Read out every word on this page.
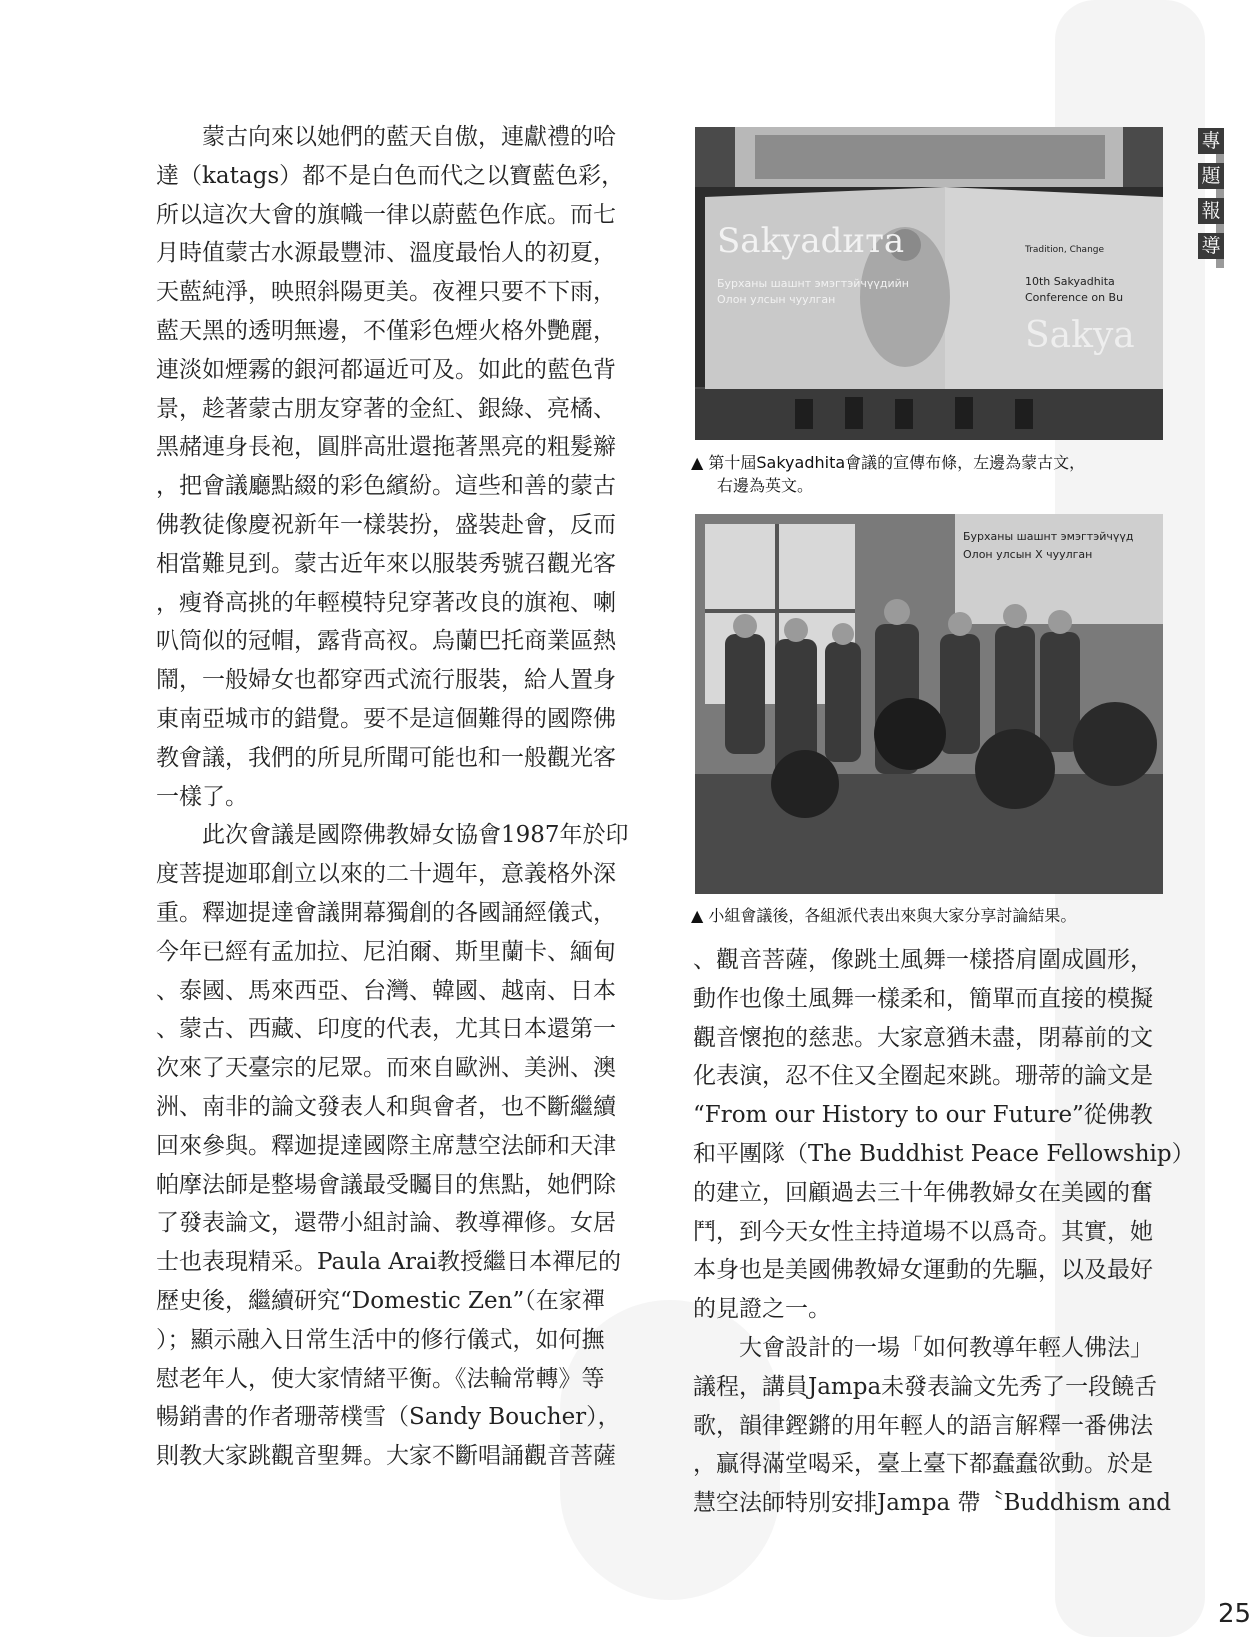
　　蒙古向來以她們的藍天自傲，連獻禮的哈

達（katags）都不是白色而代之以寶藍色彩，

所以這次大會的旗幟一律以蔚藍色作底。而七

月時值蒙古水源最豐沛、溫度最怡人的初夏，

天藍純淨，映照斜陽更美。夜裡只要不下雨，

藍天黑的透明無邊，不僅彩色煙火格外艷麗，

連淡如煙霧的銀河都逼近可及。如此的藍色背

景，趁著蒙古朋友穿著的金紅、銀綠、亮橘、

黑赭連身長袍，圓胖高壯還拖著黑亮的粗髮辮

，把會議廳點綴的彩色繽紛。這些和善的蒙古

佛教徒像慶祝新年一樣裝扮，盛裝赴會，反而

相當難見到。蒙古近年來以服裝秀號召觀光客

，瘦脊高挑的年輕模特兒穿著改良的旗袍、喇

叭筒似的冠帽，露背高衩。烏蘭巴托商業區熱

鬧，一般婦女也都穿西式流行服裝，給人置身

東南亞城市的錯覺。要不是這個難得的國際佛

教會議，我們的所見所聞可能也和一般觀光客

一樣了。

　　此次會議是國際佛教婦女協會1987年於印

度菩提迦耶創立以來的二十週年，意義格外深

重。釋迦提達會議開幕獨創的各國誦經儀式，

今年已經有孟加拉、尼泊爾、斯里蘭卡、緬甸

、泰國、馬來西亞、台灣、韓國、越南、日本

、蒙古、西藏、印度的代表，尤其日本還第一

次來了天臺宗的尼眾。而來自歐洲、美洲、澳

洲、南非的論文發表人和與會者，也不斷繼續

回來參與。釋迦提達國際主席慧空法師和天津

帕摩法師是整場會議最受矚目的焦點，她們除

了發表論文，還帶小組討論、教導禪修。女居

士也表現精采。Paula Arai教授繼日本禪尼的

歷史後，繼續研究“Domestic Zen”（在家禪

）；顯示融入日常生活中的修行儀式，如何撫

慰老年人，使大家情緒平衡。《法輪常轉》等

暢銷書的作者珊蒂樸雪（Sandy Boucher），

則教大家跳觀音聖舞。大家不斷唱誦觀音菩薩

Sakyadита
Бурханы шашнт эмэгтэйчүүдийн
Олон улсын чуулган
Tradition, Change
10th Sakyadhita
Conference on Bu
Sakya
▲ 第十屆Sakyadhita會議的宣傳布條，左邊為蒙古文，
右邊為英文。
Бурханы шашнт эмэгтэйчүүд
Олон улсын Х чуулган
▲ 小組會議後，各組派代表出來與大家分享討論結果。

、觀音菩薩，像跳土風舞一樣搭肩圍成圓形，

動作也像土風舞一樣柔和，簡單而直接的模擬

觀音懷抱的慈悲。大家意猶未盡，閉幕前的文

化表演，忍不住又全圈起來跳。珊蒂的論文是

“From our History to our Future”從佛教

和平團隊（The Buddhist Peace Fellowship）

的建立，回顧過去三十年佛教婦女在美國的奮

鬥，到今天女性主持道場不以爲奇。其實，她

本身也是美國佛教婦女運動的先驅，以及最好

的見證之一。

　　大會設計的一場「如何教導年輕人佛法」

議程，講員Jampa未發表論文先秀了一段饒舌

歌，韻律鏗鏘的用年輕人的語言解釋一番佛法

，贏得滿堂喝采，臺上臺下都蠢蠢欲動。於是

慧空法師特別安排Jampa 帶〝Buddhism and

專
題
報
導
25
